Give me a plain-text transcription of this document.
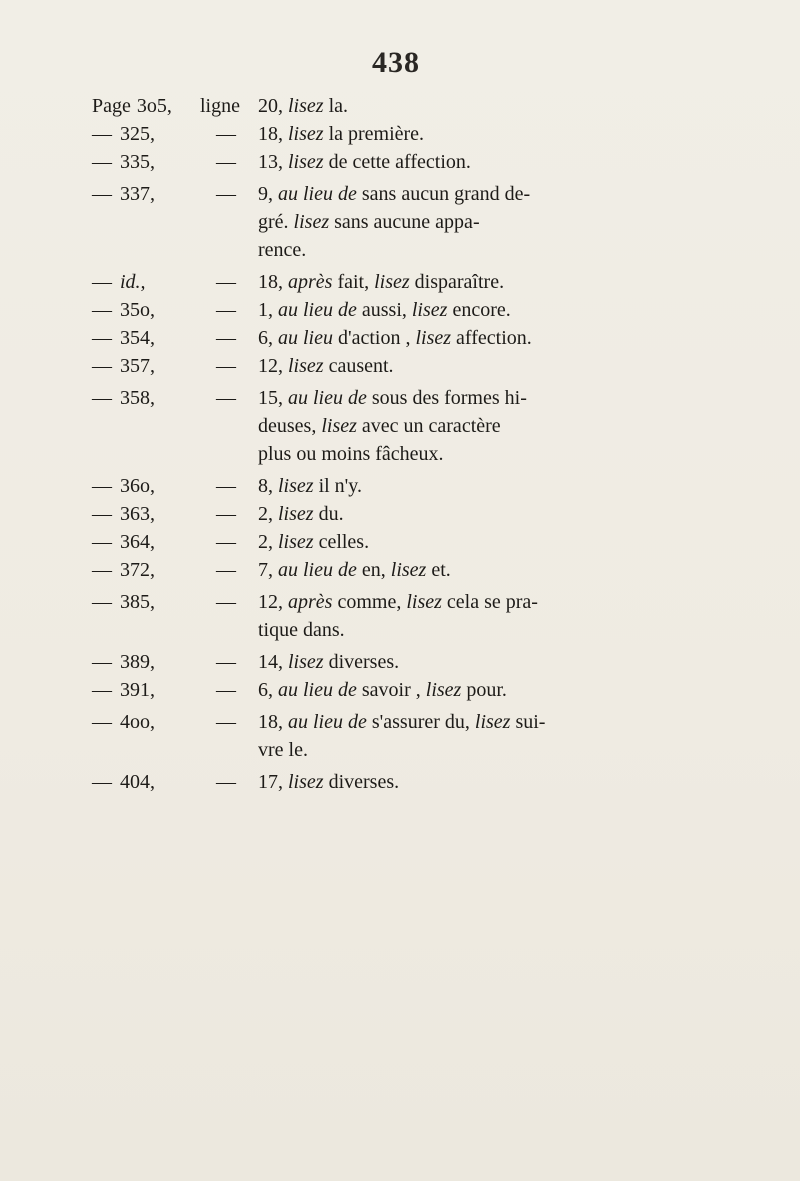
438
Page 3o5,	ligne 20, lisez la.
— 325,	—	18, lisez la première.
— 335,	—	13, lisez de cette affection.
— 337,	—	9, au lieu de sans aucun grand de-
gré. lisez sans aucune appa-
rence.
— id.,	—	18, après fait, lisez disparaître.
— 35o,	—	1, au lieu de aussi, lisez encore.
— 354,	—	6, au lieu d'action , lisez affection.
— 357,	—	12, lisez causent.
— 358,	—	15, au lieu de sous des formes hi-
deuses, lisez avec un caractère
plus ou moins fâcheux.
— 36o,	—	8, lisez il n'y.
— 363,	—	2, lisez du.
— 364,	—	2, lisez celles.
— 372,	—	7, au lieu de en, lisez et.
— 385,	—	12, après comme, lisez cela se pra-
tique dans.
— 389,	—	14, lisez diverses.
— 391,	—	6, au lieu de savoir , lisez pour.
— 4oo,	—	18, au lieu de s'assurer du, lisez sui-
vre le.
— 404,	—	17, lisez diverses.
